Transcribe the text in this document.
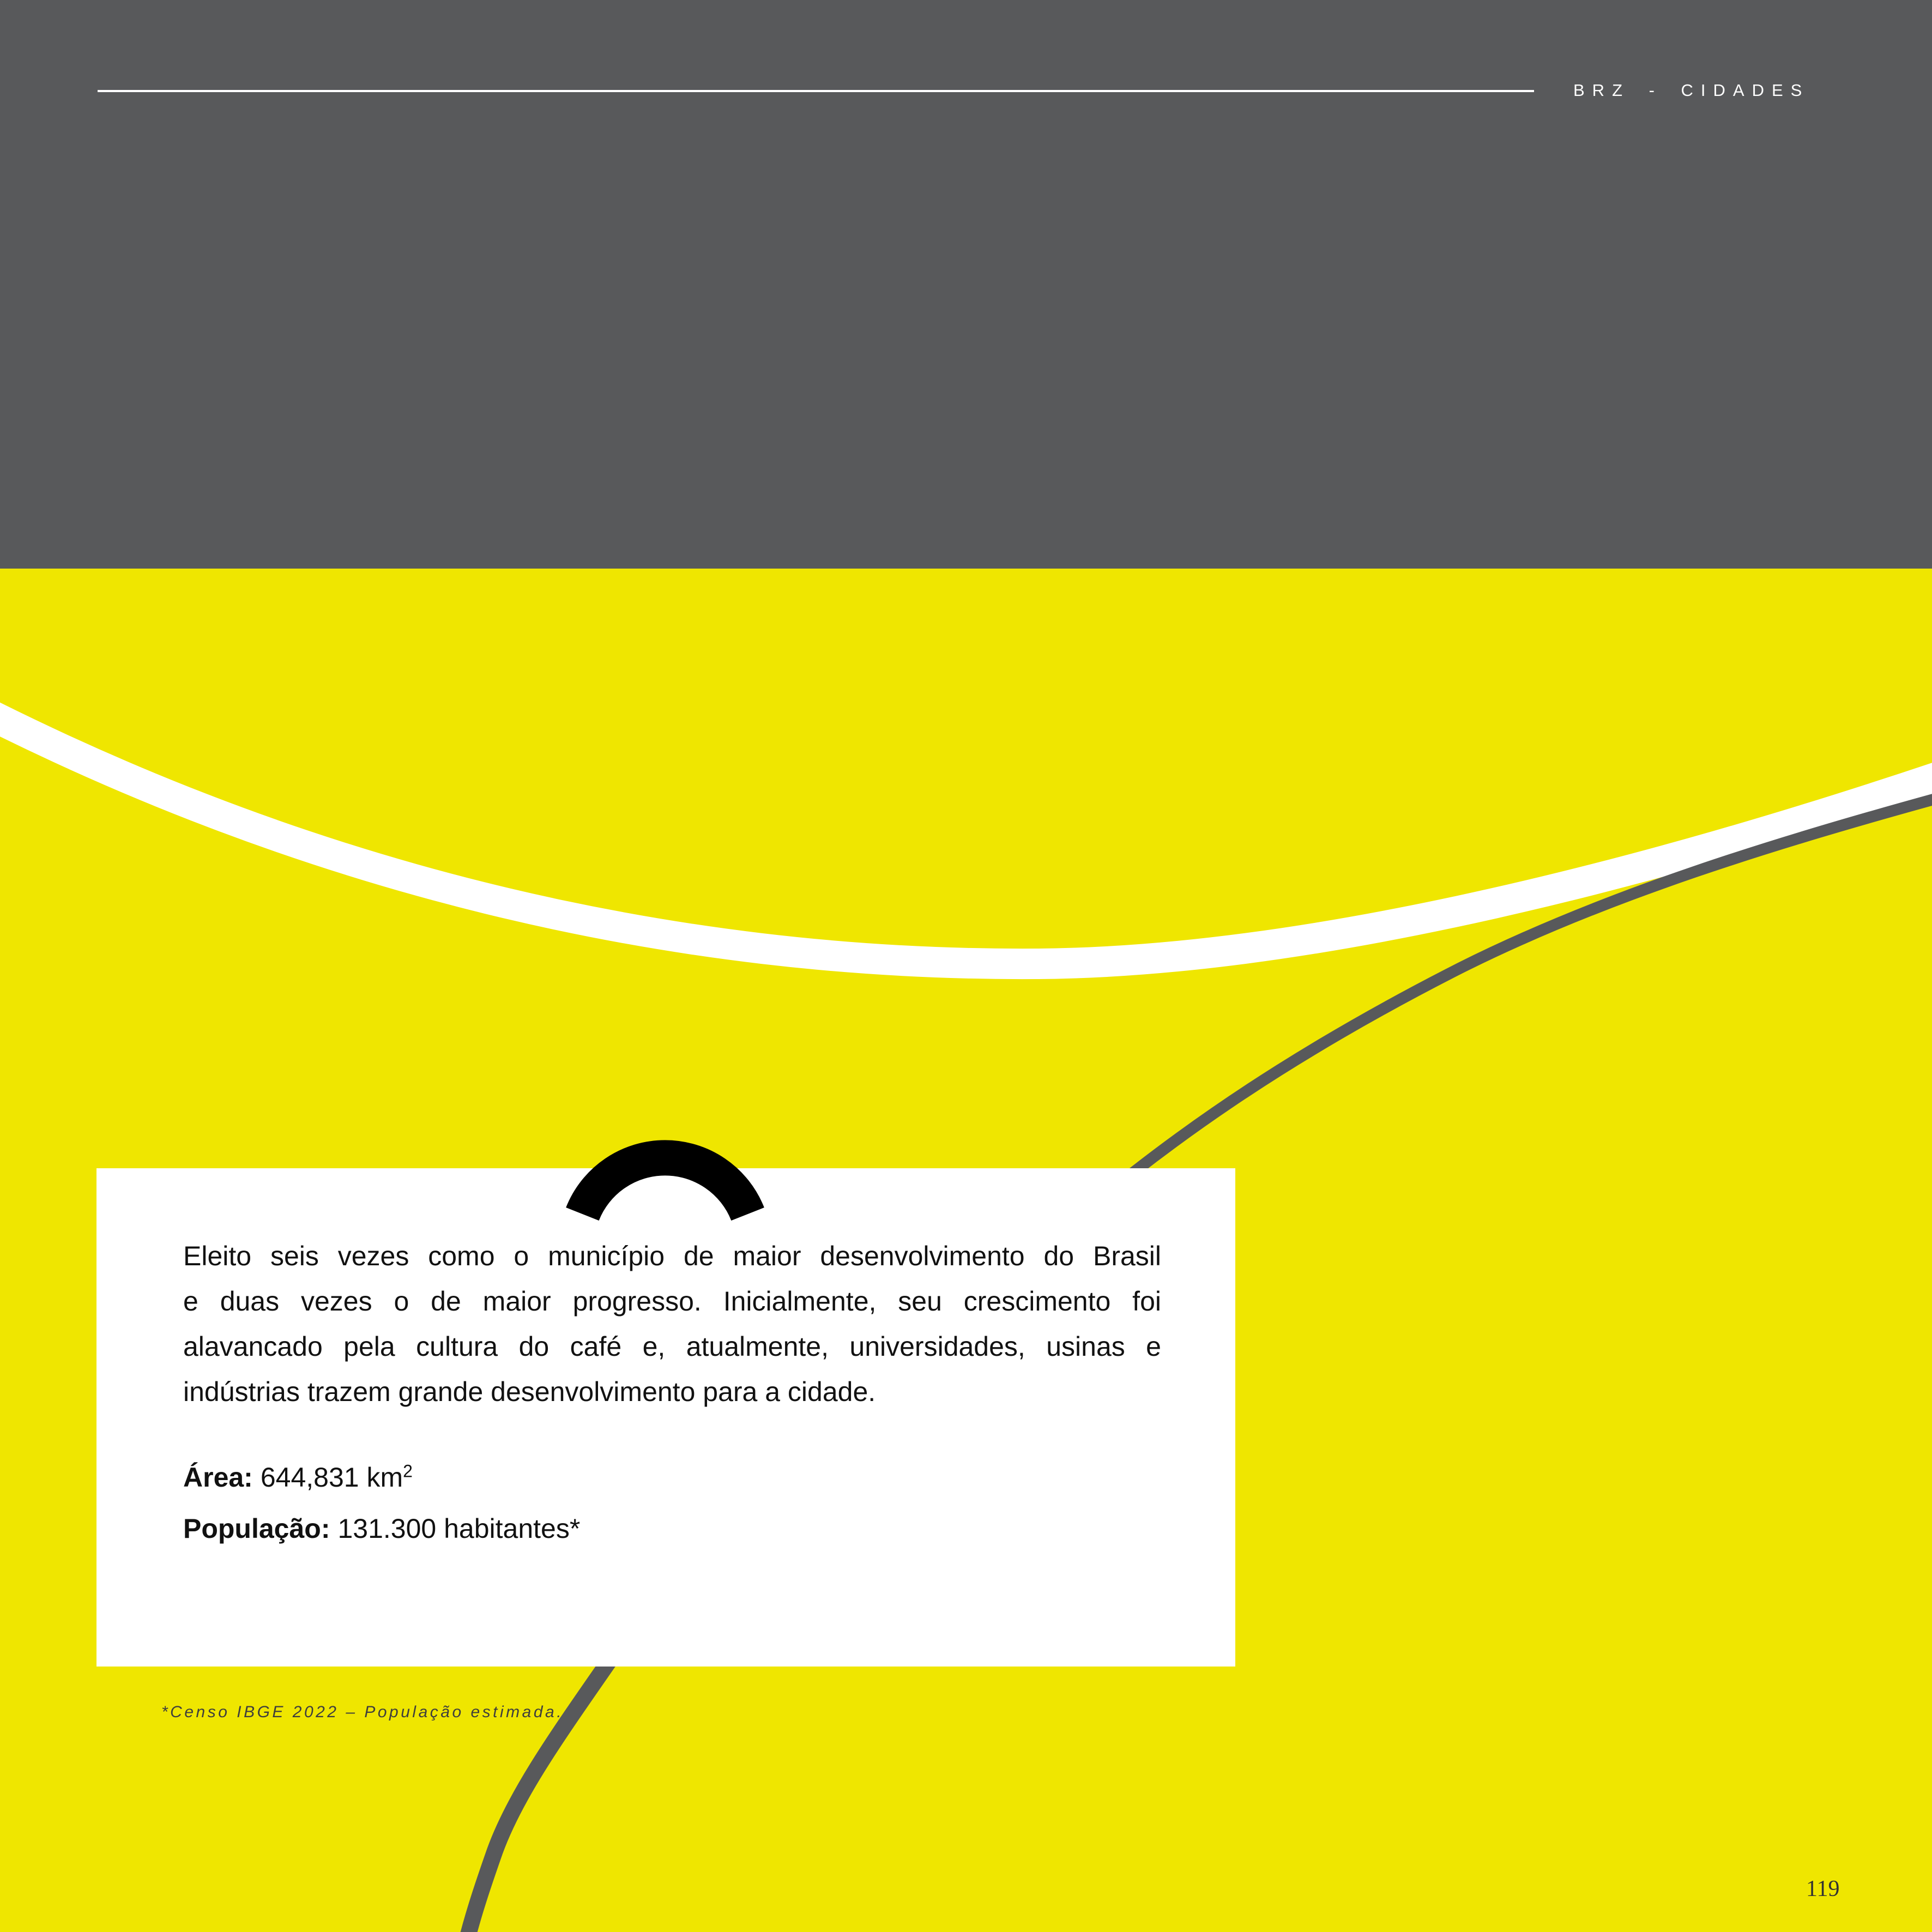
BRZ - CIDADES
Eleito seis vezes como o município de maior desenvolvimento do Brasil
e duas vezes o de maior progresso. Inicialmente, seu crescimento foi
alavancado pela cultura do café e, atualmente, universidades, usinas e
indústrias trazem grande desenvolvimento para a cidade.
Área: 644,831 $km^2$
População: 131.300 habitantes*
*Censo IBGE 2022 – População estimada.
119
